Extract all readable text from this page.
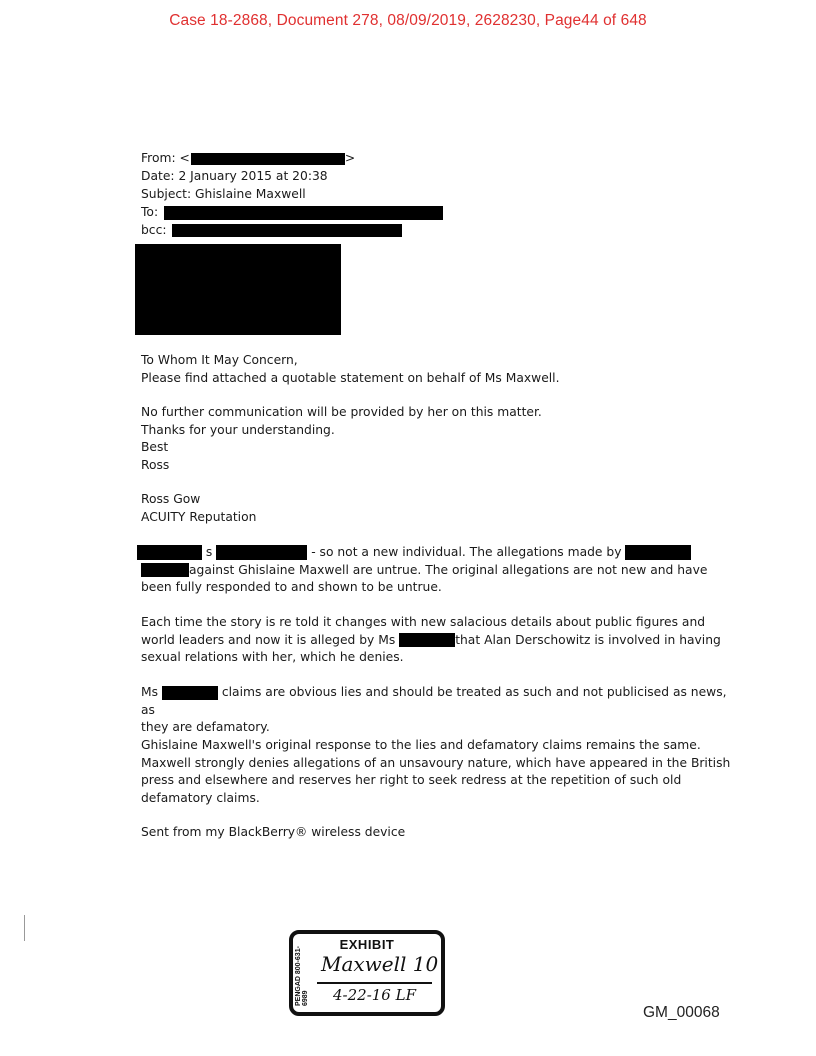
Case 18-2868, Document 278, 08/09/2019, 2628230, Page44 of 648
From: <	>
Date: 2 January 2015 at 20:38
Subject: Ghislaine Maxwell
To:
bcc:

To Whom It May Concern,

Please find attached a quotable statement on behalf of Ms Maxwell.

No further communication will be provided by her on this matter.

Thanks for your understanding.

Best

Ross

Ross Gow

ACUITY Reputation

s	- so not a new individual. The allegations made by

against Ghislaine Maxwell are untrue. The original allegations are not new and have

been fully responded to and shown to be untrue.

Each time the story is re told it changes with new salacious details about public figures and

world leaders and now it is alleged by Ms	that Alan Derschowitz is involved in having

sexual relations with her, which he denies.

Ms	claims are obvious lies and should be treated as such and not publicised as news, as

they are defamatory.

Ghislaine Maxwell's original response to the lies and defamatory claims remains the same.

Maxwell strongly denies allegations of an unsavoury nature, which have appeared in the British

press and elsewhere and reserves her right to seek redress at the repetition of such old

defamatory claims.

Sent from my BlackBerry® wireless device
PENGAD 800-631-6989
EXHIBIT
Maxwell 10
4-22-16 LF
GM_00068
